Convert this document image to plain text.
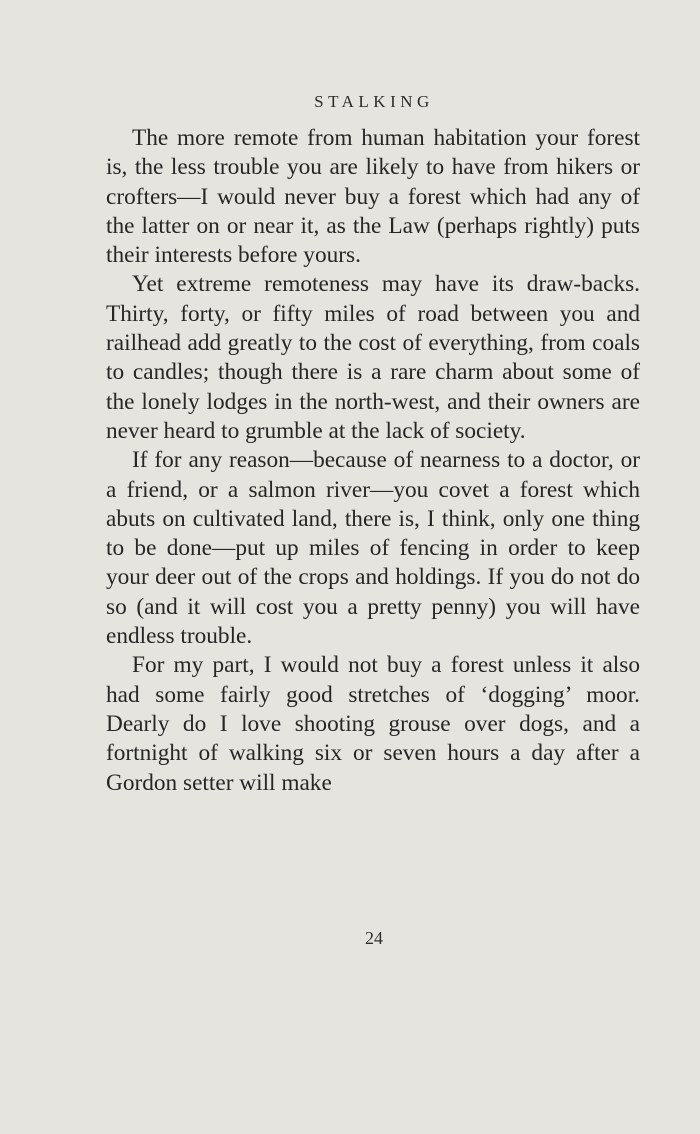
STALKING

The more remote from human habitation your forest is, the less trouble you are likely to have from hikers or crofters—I would never buy a forest which had any of the latter on or near it, as the Law (perhaps rightly) puts their interests before yours.

Yet extreme remoteness may have its draw-backs. Thirty, forty, or fifty miles of road between you and railhead add greatly to the cost of everything, from coals to candles; though there is a rare charm about some of the lonely lodges in the north-west, and their owners are never heard to grumble at the lack of society.

If for any reason—because of nearness to a doctor, or a friend, or a salmon river—you covet a forest which abuts on cultivated land, there is, I think, only one thing to be done—put up miles of fencing in order to keep your deer out of the crops and holdings. If you do not do so (and it will cost you a pretty penny) you will have endless trouble.

For my part, I would not buy a forest unless it also had some fairly good stretches of ‘dogging’ moor. Dearly do I love shooting grouse over dogs, and a fortnight of walking six or seven hours a day after a Gordon setter will make

24
